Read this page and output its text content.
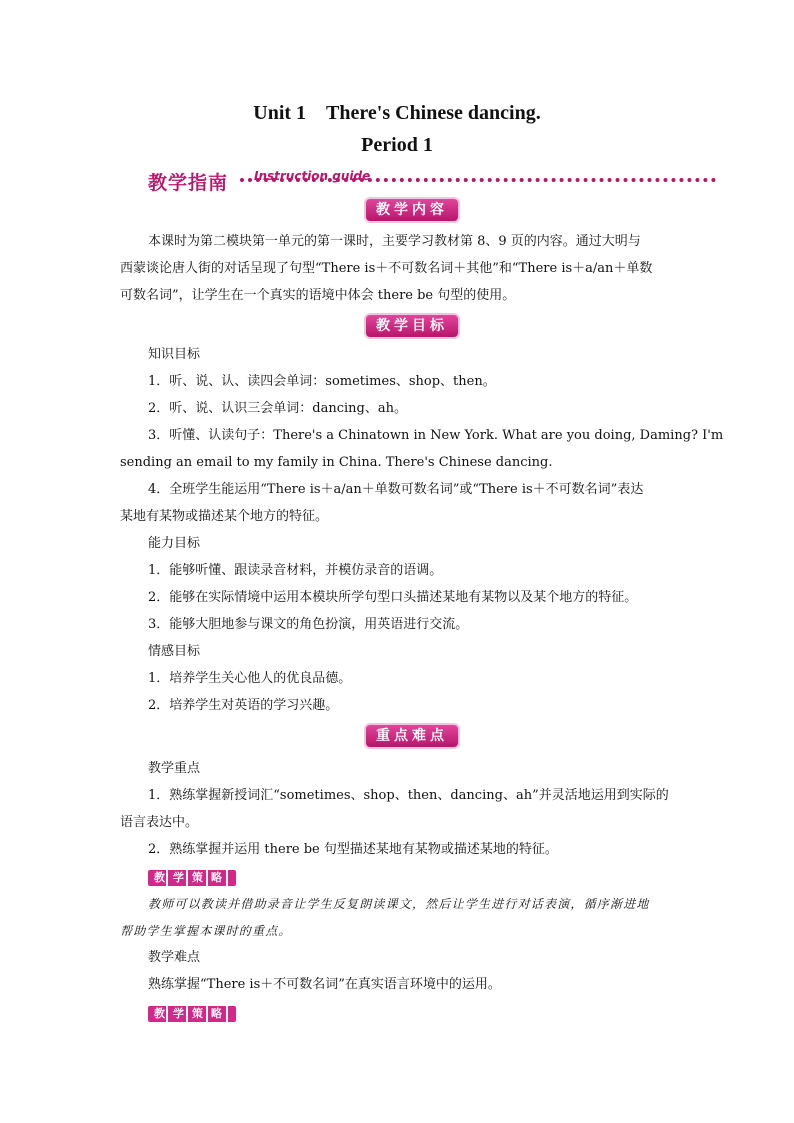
Unit 1　There's Chinese dancing.
Period 1
教学指南 Instruction guide
教学内容
本课时为第二模块第一单元的第一课时，主要学习教材第 8、9 页的内容。通过大明与
西蒙谈论唐人街的对话呈现了句型“There is＋不可数名词＋其他”和“There is＋a/an＋单数
可数名词”，让学生在一个真实的语境中体会 there be 句型的使用。
教学目标
知识目标
1．听、说、认、读四会单词：sometimes、shop、then。
2．听、说、认识三会单词：dancing、ah。
3．听懂、认读句子：There's a Chinatown in New York. What are you doing, Daming? I'm
sending an email to my family in China. There's Chinese dancing.
4．全班学生能运用“There is＋a/an＋单数可数名词”或“There is＋不可数名词”表达
某地有某物或描述某个地方的特征。
能力目标
1．能够听懂、跟读录音材料，并模仿录音的语调。
2．能够在实际情境中运用本模块所学句型口头描述某地有某物以及某个地方的特征。
3．能够大胆地参与课文的角色扮演，用英语进行交流。
情感目标
1．培养学生关心他人的优良品德。
2．培养学生对英语的学习兴趣。
重点难点
教学重点
1．熟练掌握新授词汇“sometimes、shop、then、dancing、ah”并灵活地运用到实际的
语言表达中。
2．熟练掌握并运用 there be 句型描述某地有某物或描述某地的特征。
教学策略
教师可以教读并借助录音让学生反复朗读课文，然后让学生进行对话表演，循序渐进地
帮助学生掌握本课时的重点。
教学难点
熟练掌握“There is＋不可数名词”在真实语言环境中的运用。
教学策略
